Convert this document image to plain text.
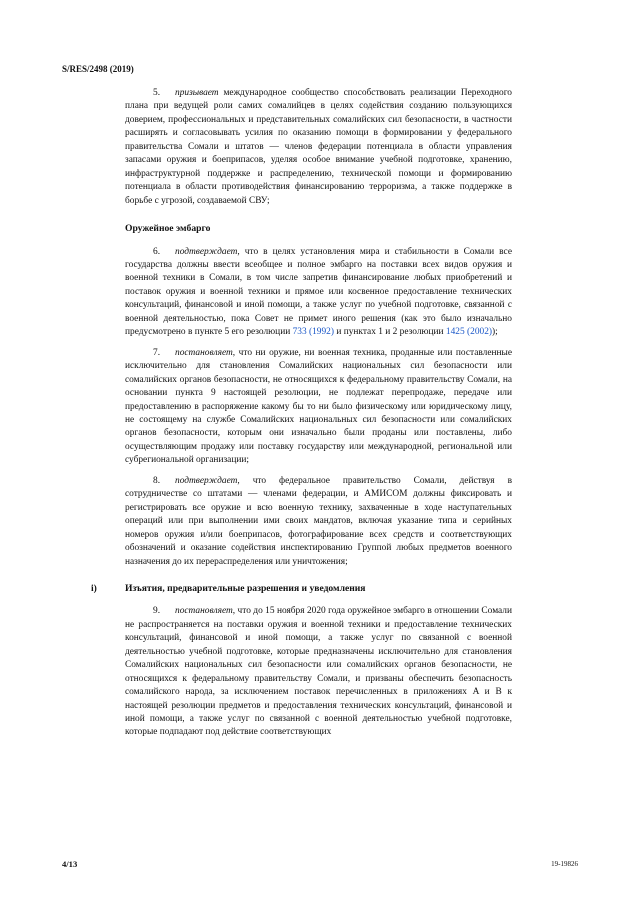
S/RES/2498 (2019)

5. призывает международное сообщество способствовать реализации Переходного плана при ведущей роли самих сомалийцев в целях содействия созданию пользующихся доверием, профессиональных и представительных сомалийских сил безопасности, в частности расширять и согласовывать усилия по оказанию помощи в формировании у федерального правительства Сомали и штатов — членов федерации потенциала в области управления запасами оружия и боеприпасов, уделяя особое внимание учебной подготовке, хранению, инфраструктурной поддержке и распределению, технической помощи и формированию потенциала в области противодействия финансированию терроризма, а также поддержке в борьбе с угрозой, создаваемой СВУ;

Оружейное эмбарго

6. подтверждает, что в целях установления мира и стабильности в Сомали все государства должны ввести всеобщее и полное эмбарго на поставки всех видов оружия и военной техники в Сомали, в том числе запретив финансирование любых приобретений и поставок оружия и военной техники и прямое или косвенное предоставление технических консультаций, финансовой и иной помощи, а также услуг по учебной подготовке, связанной с военной деятельностью, пока Совет не примет иного решения (как это было изначально предусмотрено в пункте 5 его резолюции 733 (1992) и пунктах 1 и 2 резолюции 1425 (2002));

7. постановляет, что ни оружие, ни военная техника, проданные или поставленные исключительно для становления Сомалийских национальных сил безопасности или сомалийских органов безопасности, не относящихся к федеральному правительству Сомали, на основании пункта 9 настоящей резолюции, не подлежат перепродаже, передаче или предоставлению в распоряжение какому бы то ни было физическому или юридическому лицу, не состоящему на службе Сомалийских национальных сил безопасности или сомалийских органов безопасности, которым они изначально были проданы или поставлены, либо осуществляющим продажу или поставку государству или международной, региональной или субрегиональной организации;

8. подтверждает, что федеральное правительство Сомали, действуя в сотрудничестве со штатами — членами федерации, и АМИСОМ должны фиксировать и регистрировать все оружие и всю военную технику, захваченные в ходе наступательных операций или при выполнении ими своих мандатов, включая указание типа и серийных номеров оружия и/или боеприпасов, фотографирование всех средств и соответствующих обозначений и оказание содействия инспектированию Группой любых предметов военного назначения до их перераспределения или уничтожения;

i)	Изъятия, предварительные разрешения и уведомления

9. постановляет, что до 15 ноября 2020 года оружейное эмбарго в отношении Сомали не распространяется на поставки оружия и военной техники и предоставление технических консультаций, финансовой и иной помощи, а также услуг по связанной с военной деятельностью учебной подготовке, которые предназначены исключительно для становления Сомалийских национальных сил безопасности или сомалийских органов безопасности, не относящихся к федеральному правительству Сомали, и призваны обеспечить безопасность сомалийского народа, за исключением поставок перечисленных в приложениях A и B к настоящей резолюции предметов и предоставления технических консультаций, финансовой и иной помощи, а также услуг по связанной с военной деятельностью учебной подготовке, которые подпадают под действие соответствующих

4/13	19-19826
